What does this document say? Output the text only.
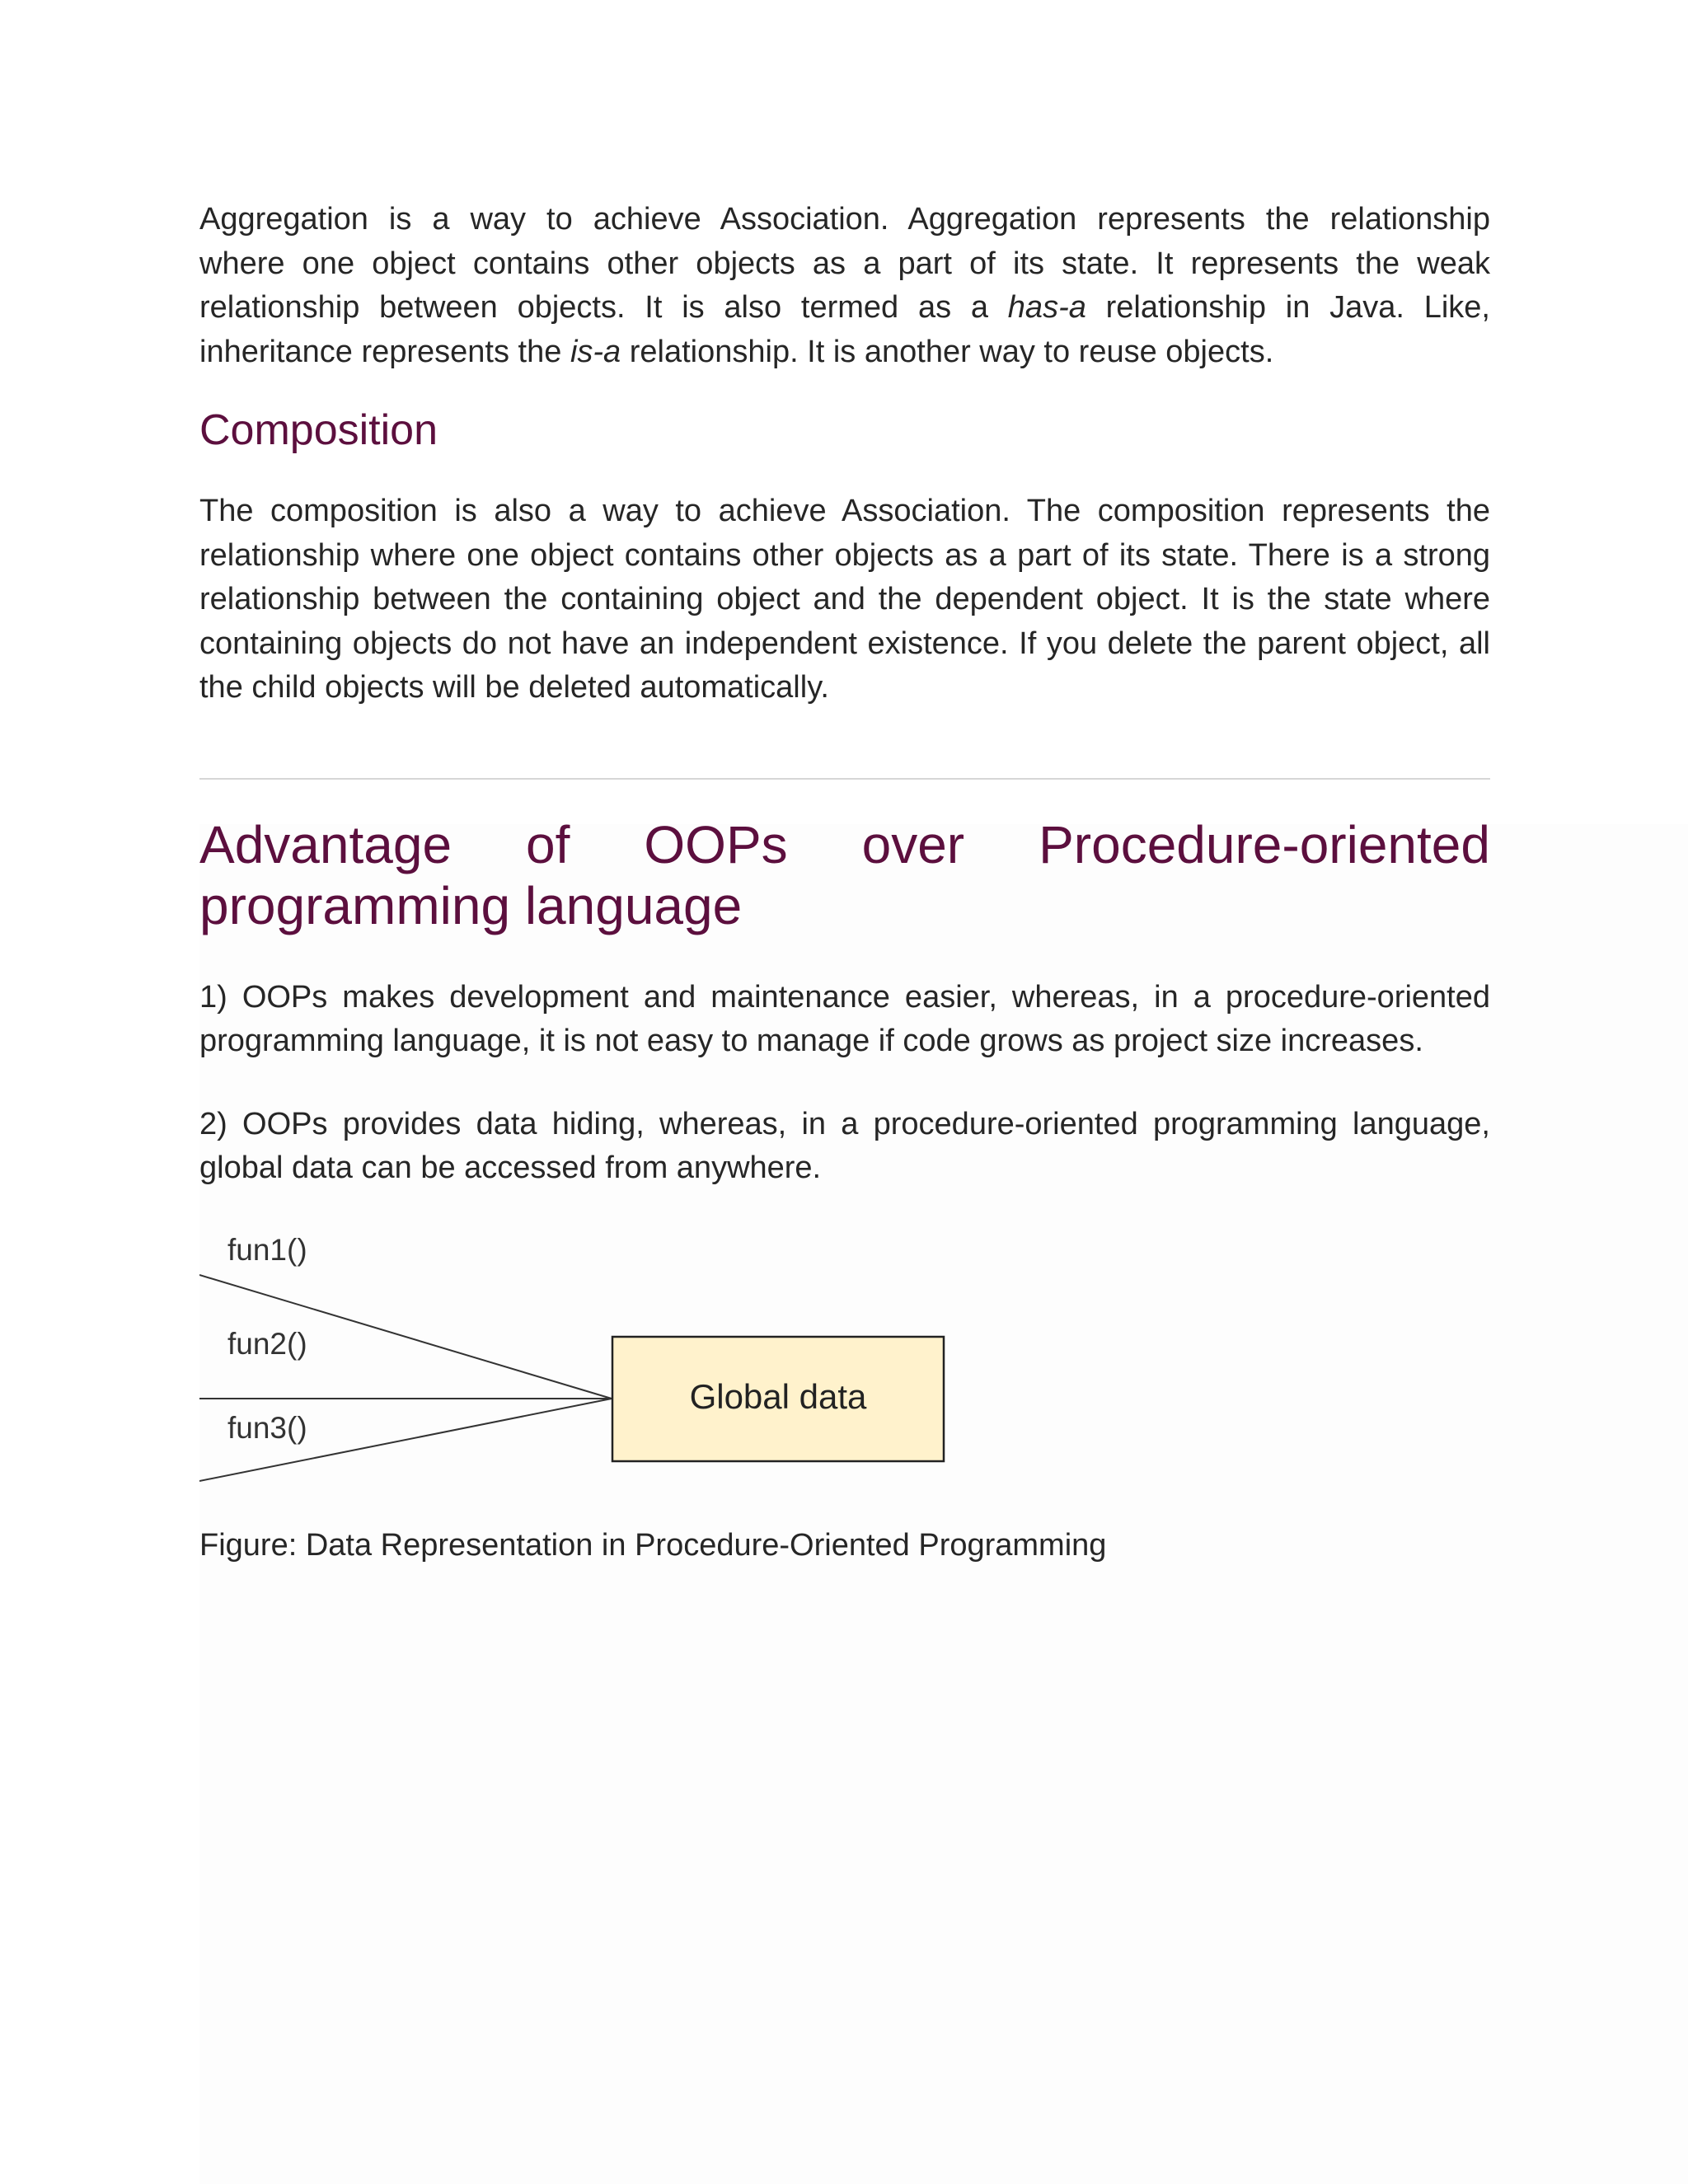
Aggregation is a way to achieve Association. Aggregation represents the relationship

where one object contains other objects as a part of its state. It represents the weak

relationship between objects. It is also termed as a has-a relationship in Java. Like,

inheritance represents the is-a relationship. It is another way to reuse objects.

Composition

The composition is also a way to achieve Association. The composition represents the relationship where one object contains other objects as a part of its state. There is a strong relationship between the containing object and the dependent object. It is the state where containing objects do not have an independent existence. If you delete the parent object, all the child objects will be deleted automatically.

Advantage of OOPs over Procedure-oriented
programming language

1) OOPs makes development and maintenance easier, whereas, in a procedure-oriented programming language, it is not easy to manage if code grows as project size increases.

2) OOPs provides data hiding, whereas, in a procedure-oriented programming language, global data can be accessed from anywhere.

fun1()
fun2()
fun3()
Global data

Figure: Data Representation in Procedure-Oriented Programming
